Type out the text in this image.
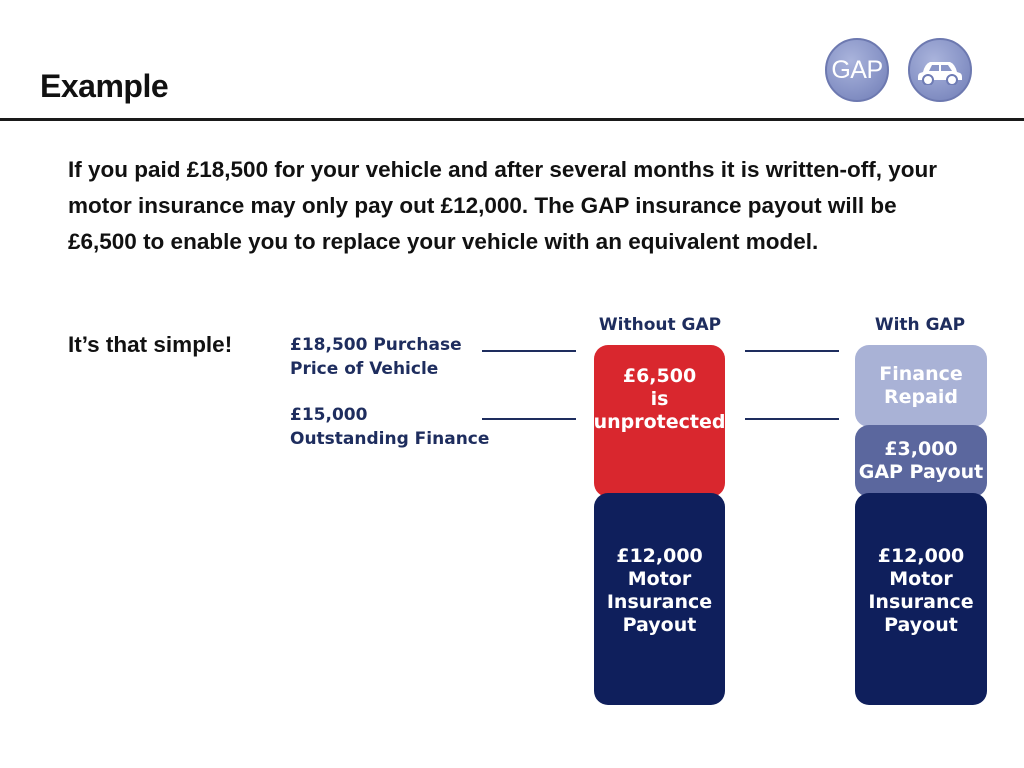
Example	GAP
If you paid £18,500 for your vehicle and after several months it is written-off, your motor insurance may only pay out £12,000. The GAP insurance payout will be £6,500 to enable you to replace your vehicle with an equivalent model.
It’s that simple!	£18,500 Purchase
Price of Vehicle
£15,000
Outstanding Finance
Without GAP	With GAP
£6,500
is
unprotected
£12,000
Motor
Insurance
Payout
Finance
Repaid
£3,000
GAP Payout
£12,000
Motor
Insurance
Payout
